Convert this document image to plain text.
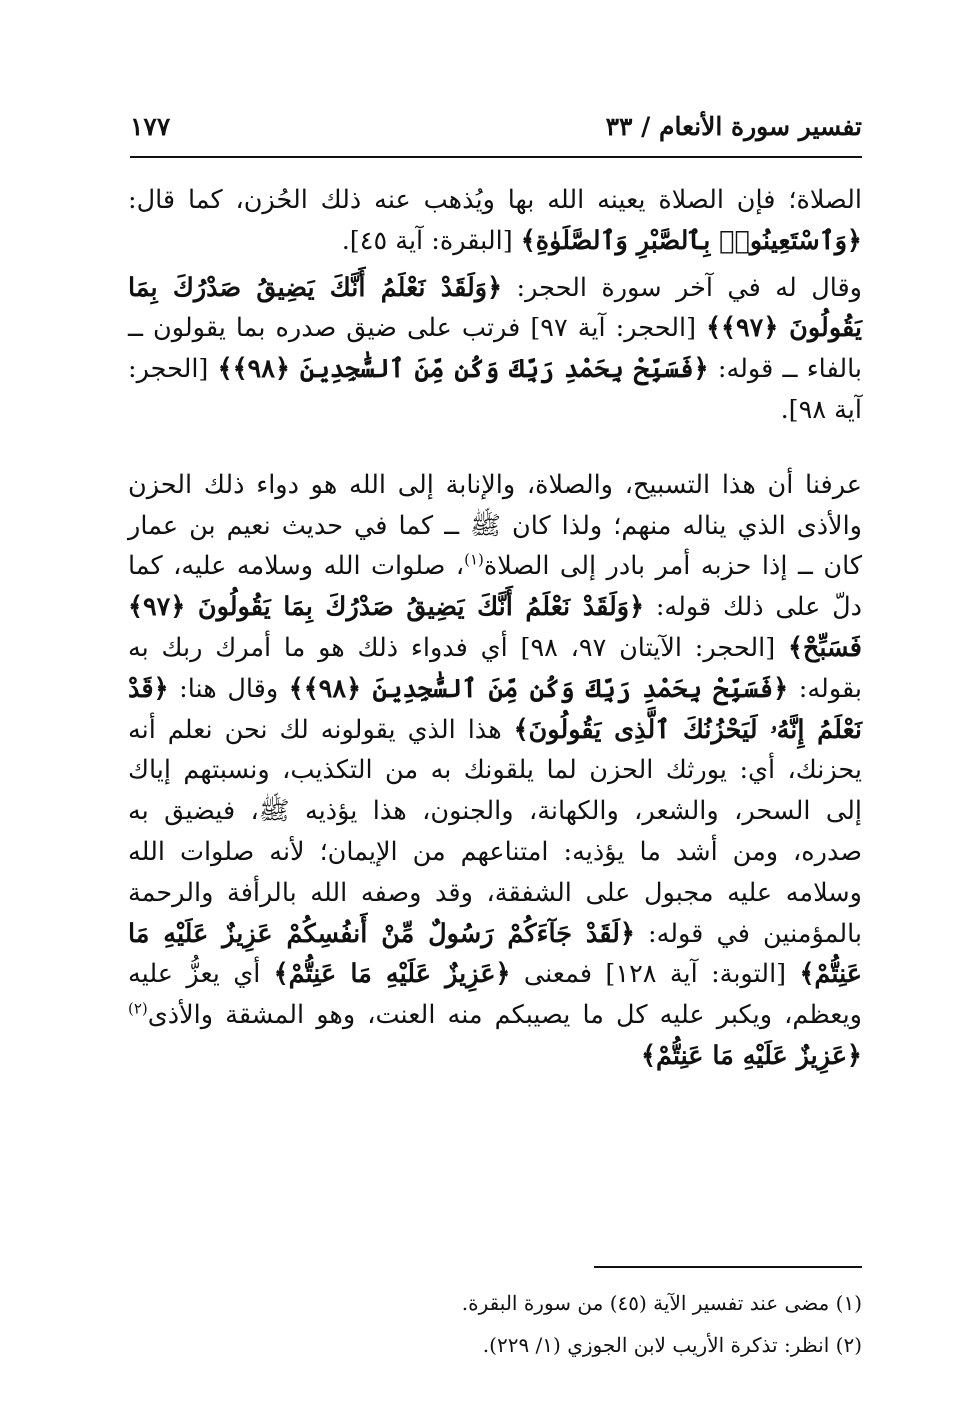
تفسير سورة الأنعام / ٣٣
١٧٧

الصلاة؛ فإن الصلاة يعينه الله بها ويُذهب عنه ذلك الحُزن، كما قال: ﴿وَٱسْتَعِينُوا۟ بِٱلصَّبْرِ وَٱلصَّلَوٰةِ﴾ [البقرة: آية ٤٥].

وقال له في آخر سورة الحجر: ﴿وَلَقَدْ نَعْلَمُ أَنَّكَ يَضِيقُ صَدْرُكَ بِمَا يَقُولُونَ ﴿٩٧﴾﴾ [الحجر: آية ٩٧] فرتب على ضيق صدره بما يقولون ــ بالفاء ــ قوله: ﴿فَسَبِّحْ بِحَمْدِ رَبِّكَ وَكُن مِّنَ ٱلسَّٰجِدِينَ ﴿٩٨﴾﴾ [الحجر: آية ٩٨].

عرفنا أن هذا التسبيح، والصلاة، والإنابة إلى الله هو دواء ذلك الحزن والأذى الذي يناله منهم؛ ولذا كان ﷺ ــ كما في حديث نعيم بن عمار كان ــ إذا حزبه أمر بادر إلى الصلاة$^{(١)}$، صلوات الله وسلامه عليه، كما دلّ على ذلك قوله: ﴿وَلَقَدْ نَعْلَمُ أَنَّكَ يَضِيقُ صَدْرُكَ بِمَا يَقُولُونَ ﴿٩٧﴾ فَسَبِّحْ﴾ [الحجر: الآيتان ٩٧، ٩٨] أي فدواء ذلك هو ما أمرك ربك به بقوله: ﴿فَسَبِّحْ بِحَمْدِ رَبِّكَ وَكُن مِّنَ ٱلسَّٰجِدِينَ ﴿٩٨﴾﴾ وقال هنا: ﴿قَدْ نَعْلَمُ إِنَّهُۥ لَيَحْزُنُكَ ٱلَّذِى يَقُولُونَ﴾ هذا الذي يقولونه لك نحن نعلم أنه يحزنك، أي: يورثك الحزن لما يلقونك به من التكذيب، ونسبتهم إياك إلى السحر، والشعر، والكهانة، والجنون، هذا يؤذيه ﷺ، فيضيق به صدره، ومن أشد ما يؤذيه: امتناعهم من الإيمان؛ لأنه صلوات الله وسلامه عليه مجبول على الشفقة، وقد وصفه الله بالرأفة والرحمة بالمؤمنين في قوله: ﴿لَقَدْ جَآءَكُمْ رَسُولٌ مِّنْ أَنفُسِكُمْ عَزِيزٌ عَلَيْهِ مَا عَنِتُّمْ﴾ [التوبة: آية ١٢٨] فمعنى ﴿عَزِيزٌ عَلَيْهِ مَا عَنِتُّمْ﴾ أي يعزُّ عليه ويعظم، ويكبر عليه كل ما يصيبكم منه العنت، وهو المشقة والأذى$^{(٢)}$ ﴿عَزِيزٌ عَلَيْهِ مَا عَنِتُّمْ﴾

(١) مضى عند تفسير الآية (٤٥) من سورة البقرة.

(٢) انظر: تذكرة الأريب لابن الجوزي (١/ ٢٢٩).
